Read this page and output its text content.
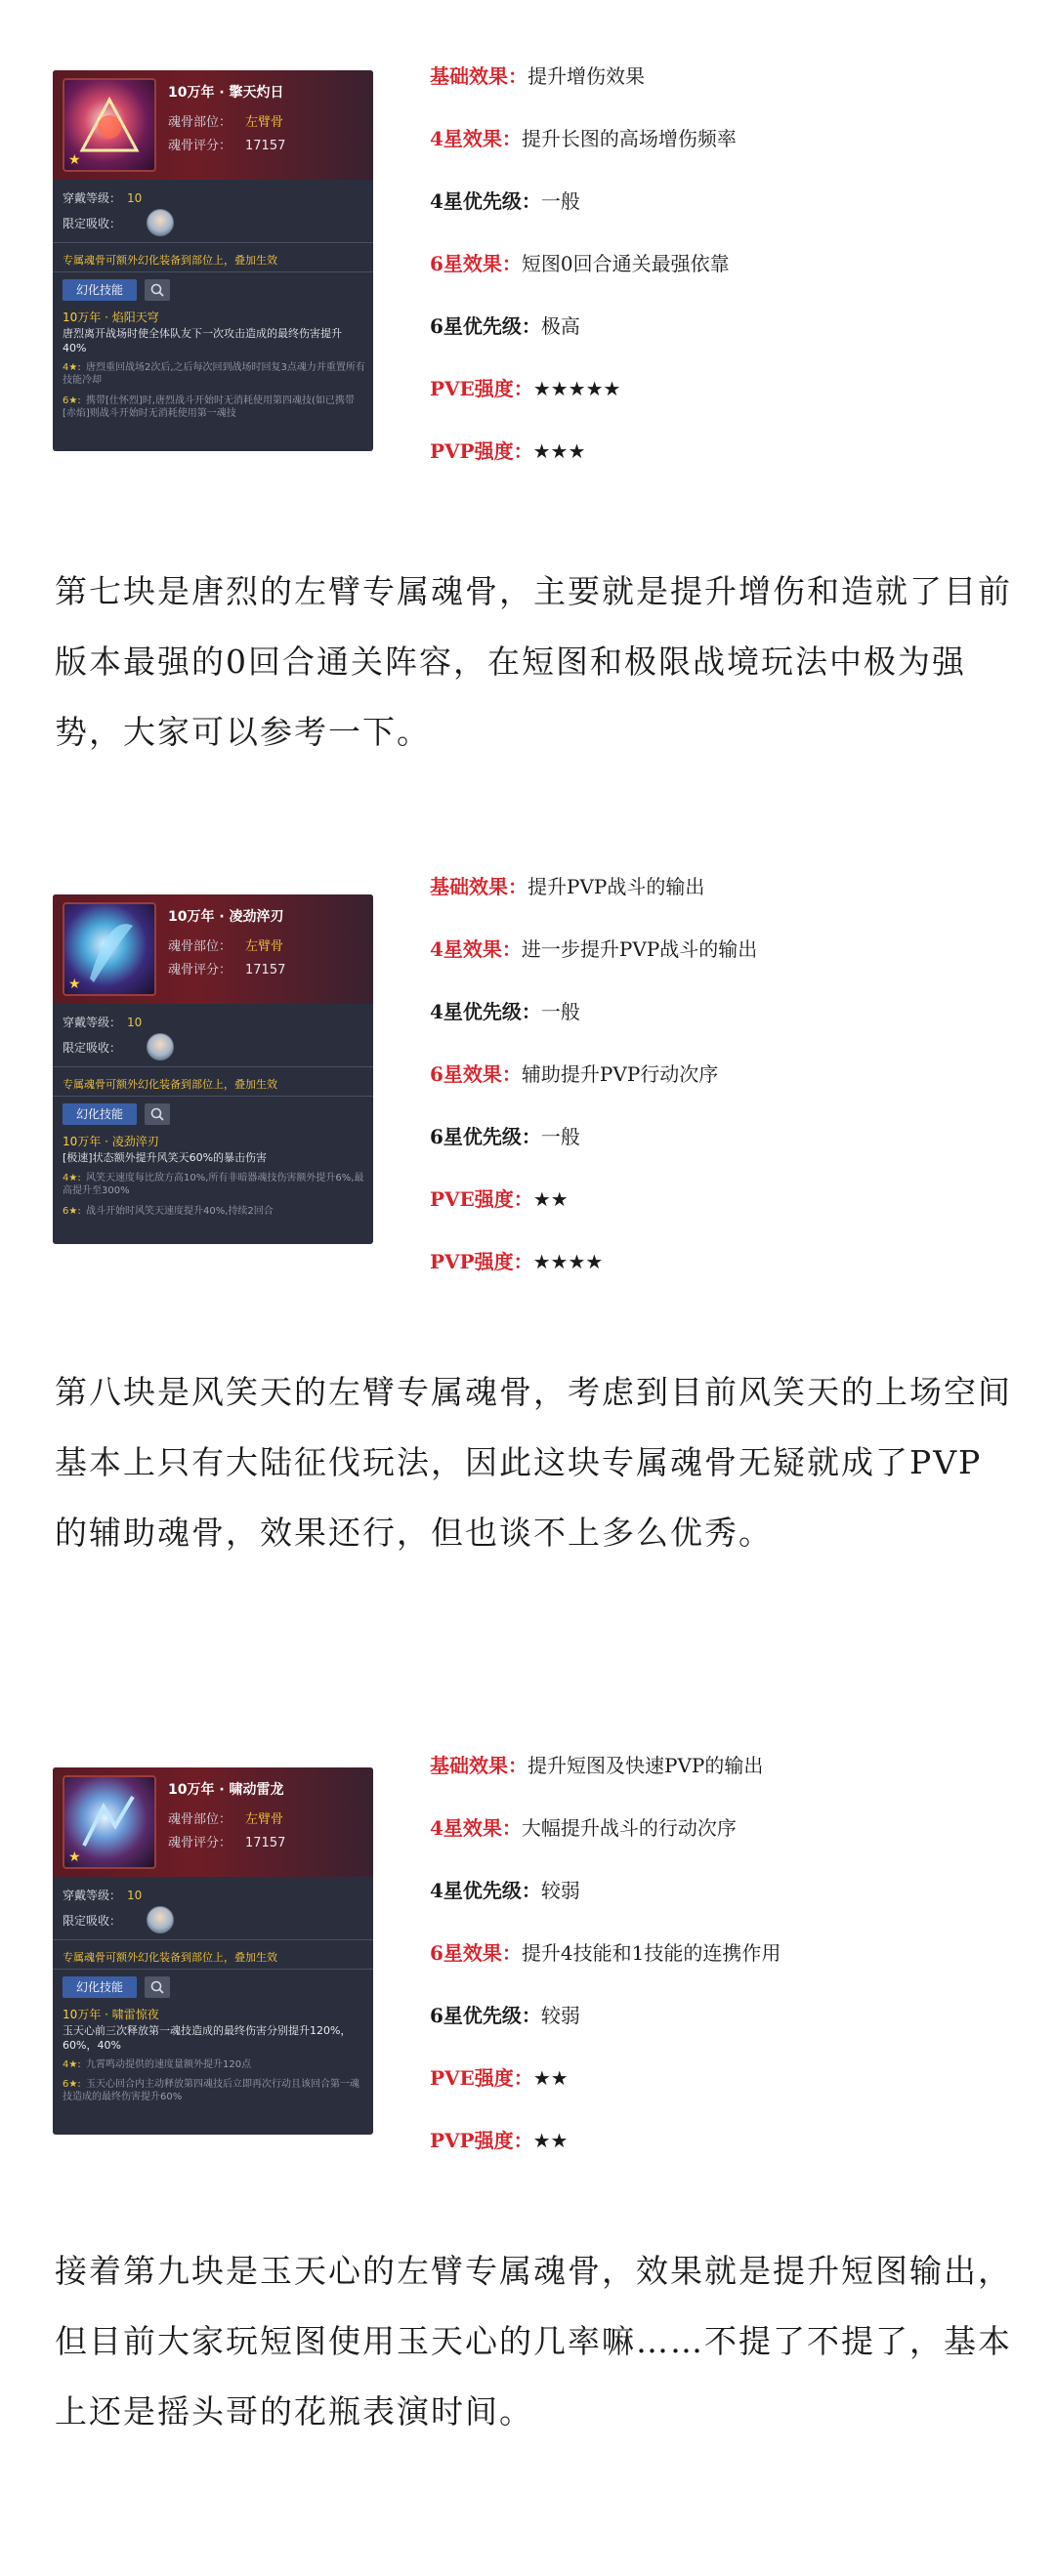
★
10万年 · 擎天灼日
魂骨部位： 左臂骨
魂骨评分： 17157
穿戴等级： 10
限定吸收：
专属魂骨可额外幻化装备到部位上，叠加生效
幻化技能
10万年 · 焰阳天穹
唐烈离开战场时使全体队友下一次攻击造成的最终伤害提升40%
4★: 唐烈重回战场2次后,之后每次回到战场时回复3点魂力并重置所有技能冷却
6★: 携带[仕怀烈]时,唐烈战斗开始时无消耗使用第四魂技(如已携带[赤焰]则战斗开始时无消耗使用第一魂技
基础效果：提升增伤效果
4星效果：提升长图的高场增伤频率
4星优先级：一般
6星效果：短图0回合通关最强依靠
6星优先级：极高
PVE强度：★★★★★
PVP强度：★★★
第七块是唐烈的左臂专属魂骨，主要就是提升增伤和造就了目前版本最强的0回合通关阵容，在短图和极限战境玩法中极为强势，大家可以参考一下。
★
10万年 · 凌劲淬刃
魂骨部位： 左臂骨
魂骨评分： 17157
穿戴等级： 10
限定吸收：
专属魂骨可额外幻化装备到部位上，叠加生效
幻化技能
10万年 · 凌劲淬刃
[极速]状态额外提升风笑天60%的暴击伤害
4★: 风笑天速度每比敌方高10%,所有非暗器魂技伤害额外提升6%,最高提升至300%
6★: 战斗开始时风笑天速度提升40%,持续2回合
基础效果：提升PVP战斗的输出
4星效果：进一步提升PVP战斗的输出
4星优先级：一般
6星效果：辅助提升PVP行动次序
6星优先级：一般
PVE强度：★★
PVP强度：★★★★
第八块是风笑天的左臂专属魂骨，考虑到目前风笑天的上场空间基本上只有大陆征伐玩法，因此这块专属魂骨无疑就成了PVP的辅助魂骨，效果还行，但也谈不上多么优秀。
★
10万年 · 啸动雷龙
魂骨部位： 左臂骨
魂骨评分： 17157
穿戴等级： 10
限定吸收：
专属魂骨可额外幻化装备到部位上，叠加生效
幻化技能
10万年 · 啸雷惊夜
玉天心前三次释放第一魂技造成的最终伤害分别提升120%，60%，40%
4★: 九霄鸣动提供的速度量额外提升120点
6★: 玉天心回合内主动释放第四魂技后立即再次行动且该回合第一魂技造成的最终伤害提升60%
基础效果：提升短图及快速PVP的输出
4星效果：大幅提升战斗的行动次序
4星优先级：较弱
6星效果：提升4技能和1技能的连携作用
6星优先级：较弱
PVE强度：★★
PVP强度：★★
接着第九块是玉天心的左臂专属魂骨，效果就是提升短图输出，但目前大家玩短图使用玉天心的几率嘛……不提了不提了，基本上还是摇头哥的花瓶表演时间。
